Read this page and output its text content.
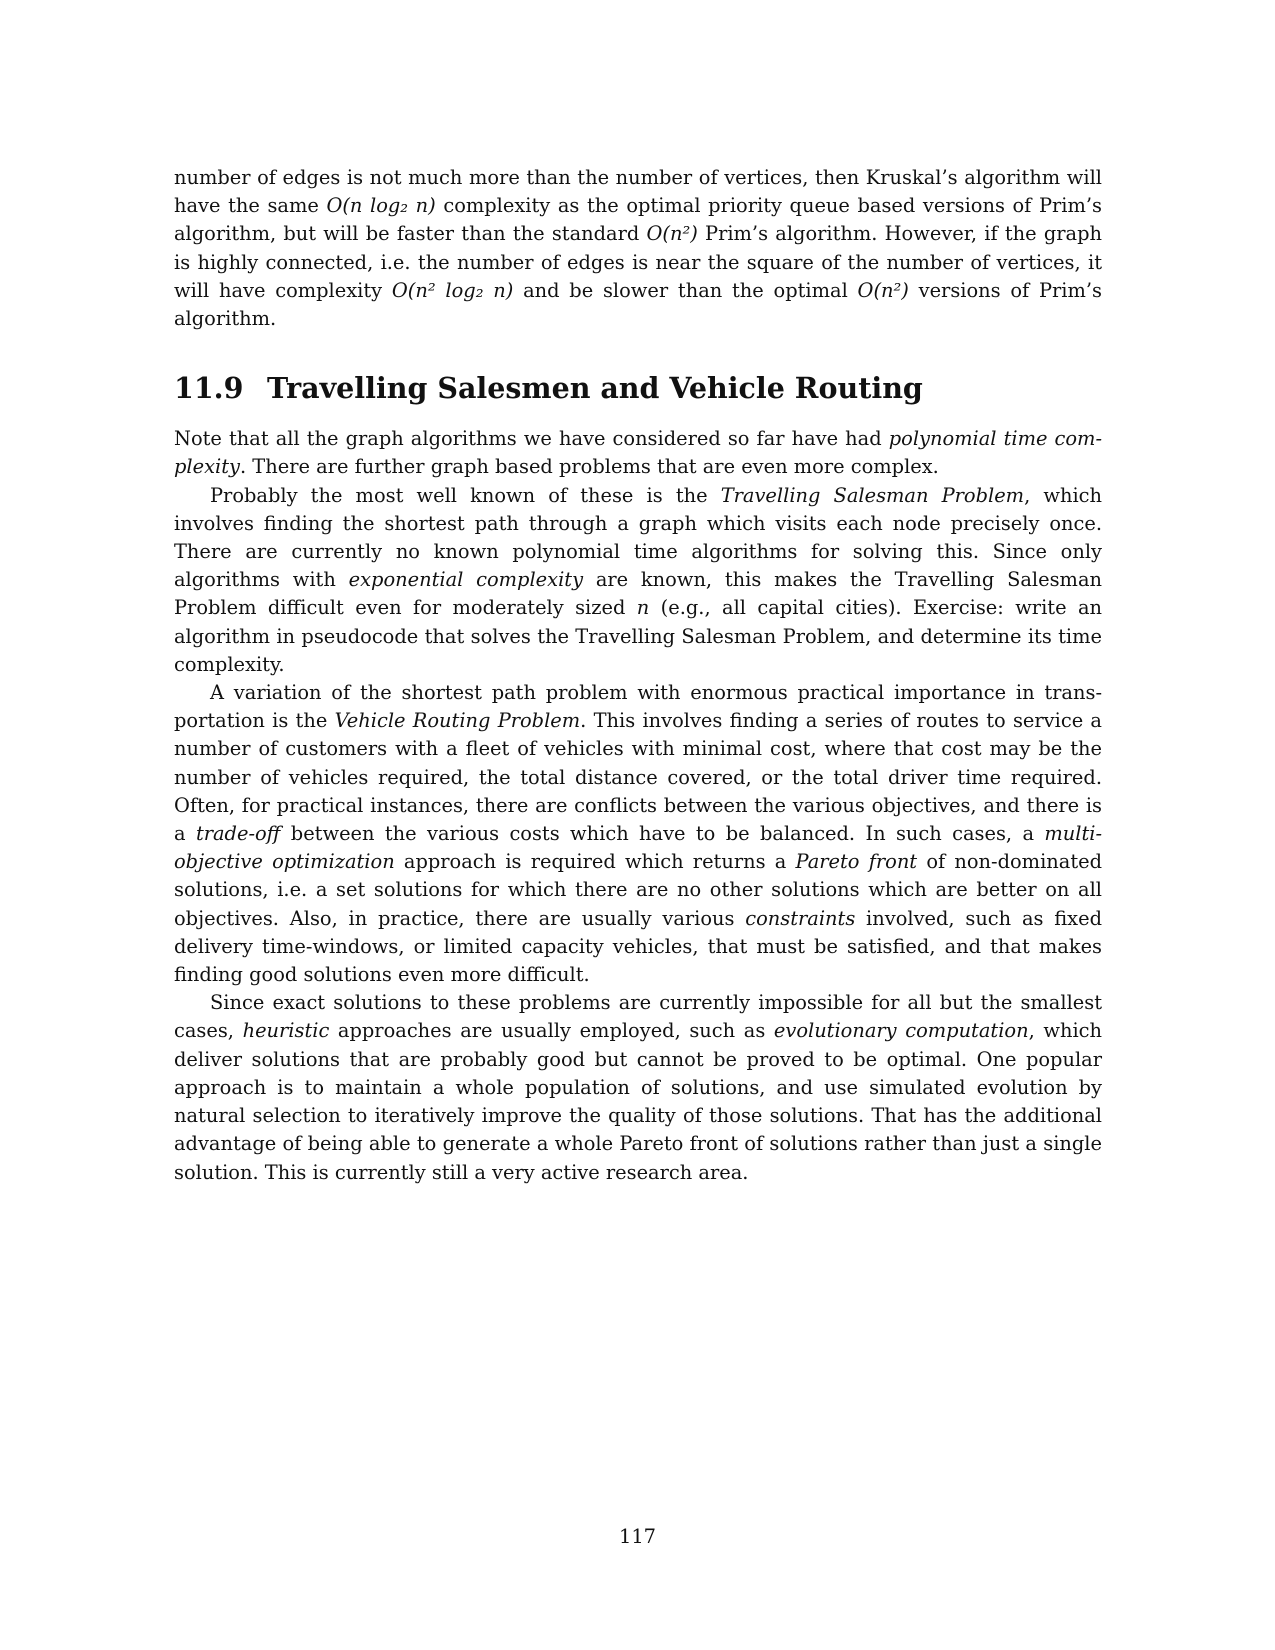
number of edges is not much more than the number of vertices, then Kruskal’s algorithm will have the same O(n log₂ n) complexity as the optimal priority queue based versions of Prim’s algorithm, but will be faster than the standard O(n²) Prim’s algorithm. However, if the graph is highly connected, i.e. the number of edges is near the square of the number of vertices, it will have complexity O(n² log₂ n) and be slower than the optimal O(n²) versions of Prim’s algorithm.

11.9 Travelling Salesmen and Vehicle Routing

Note that all the graph algorithms we have considered so far have had polynomial time complexity. There are further graph based problems that are even more complex.

Probably the most well known of these is the Travelling Salesman Problem, which involves finding the shortest path through a graph which visits each node precisely once. There are currently no known polynomial time algorithms for solving this. Since only algorithms with exponential complexity are known, this makes the Travelling Salesman Problem difficult even for moderately sized n (e.g., all capital cities). Exercise: write an algorithm in pseudocode that solves the Travelling Salesman Problem, and determine its time complexity.

A variation of the shortest path problem with enormous practical importance in transportation is the Vehicle Routing Problem. This involves finding a series of routes to service a number of customers with a fleet of vehicles with minimal cost, where that cost may be the number of vehicles required, the total distance covered, or the total driver time required. Often, for practical instances, there are conflicts between the various objectives, and there is a trade-off between the various costs which have to be balanced. In such cases, a multi-objective optimization approach is required which returns a Pareto front of non-dominated solutions, i.e. a set solutions for which there are no other solutions which are better on all objectives. Also, in practice, there are usually various constraints involved, such as fixed delivery time-windows, or limited capacity vehicles, that must be satisfied, and that makes finding good solutions even more difficult.

Since exact solutions to these problems are currently impossible for all but the smallest cases, heuristic approaches are usually employed, such as evolutionary computation, which deliver solutions that are probably good but cannot be proved to be optimal. One popular approach is to maintain a whole population of solutions, and use simulated evolution by natural selection to iteratively improve the quality of those solutions. That has the additional advantage of being able to generate a whole Pareto front of solutions rather than just a single solution. This is currently still a very active research area.

117
